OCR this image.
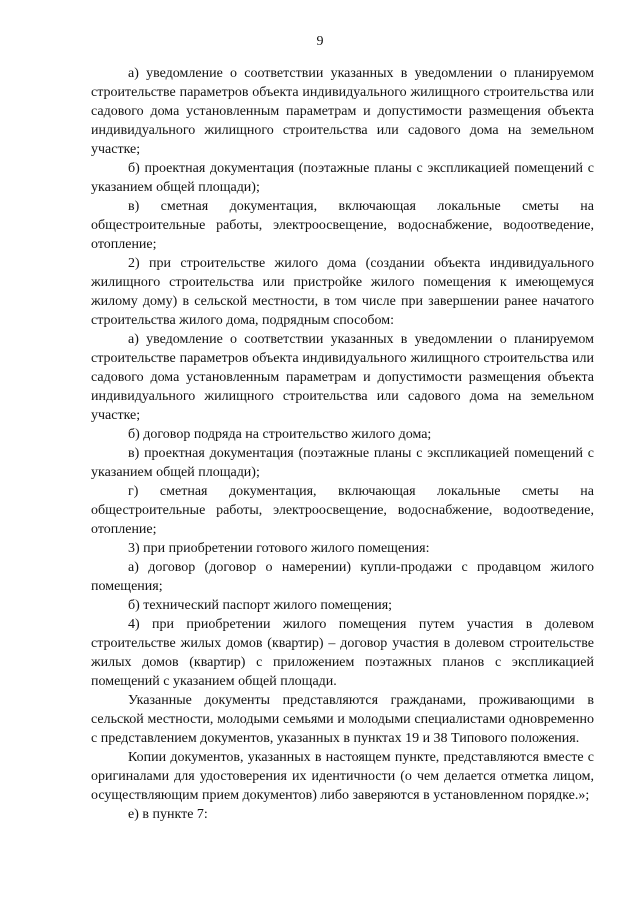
9

а) уведомление о соответствии указанных в уведомлении о планируемом строительстве параметров объекта индивидуального жилищного строительства или садового дома установленным параметрам и допустимости размещения объекта индивидуального жилищного строительства или садового дома на земельном участке;

б) проектная документация (поэтажные планы с экспликацией помещений с указанием общей площади);

в) сметная документация, включающая локальные сметы на общестроительные работы, электроосвещение, водоснабжение, водоотведение, отопление;

2) при строительстве жилого дома (создании объекта индивидуального жилищного строительства или пристройке жилого помещения к имеющемуся жилому дому) в сельской местности, в том числе при завершении ранее начатого строительства жилого дома, подрядным способом:

а) уведомление о соответствии указанных в уведомлении о планируемом строительстве параметров объекта индивидуального жилищного строительства или садового дома установленным параметрам и допустимости размещения объекта индивидуального жилищного строительства или садового дома на земельном участке;

б) договор подряда на строительство жилого дома;

в) проектная документация (поэтажные планы с экспликацией помещений с указанием общей площади);

г) сметная документация, включающая локальные сметы на общестроительные работы, электроосвещение, водоснабжение, водоотведение, отопление;

3) при приобретении готового жилого помещения:

а) договор (договор о намерении) купли-продажи с продавцом жилого помещения;

б) технический паспорт жилого помещения;

4) при приобретении жилого помещения путем участия в долевом строительстве жилых домов (квартир) – договор участия в долевом строительстве жилых домов (квартир) с приложением поэтажных планов с экспликацией помещений с указанием общей площади.

Указанные документы представляются гражданами, проживающими в сельской местности, молодыми семьями и молодыми специалистами одновременно с представлением документов, указанных в пунктах 19 и 38 Типового положения.

Копии документов, указанных в настоящем пункте, представляются вместе с оригиналами для удостоверения их идентичности (о чем делается отметка лицом, осуществляющим прием документов) либо заверяются в установленном порядке.»;

е) в пункте 7:
